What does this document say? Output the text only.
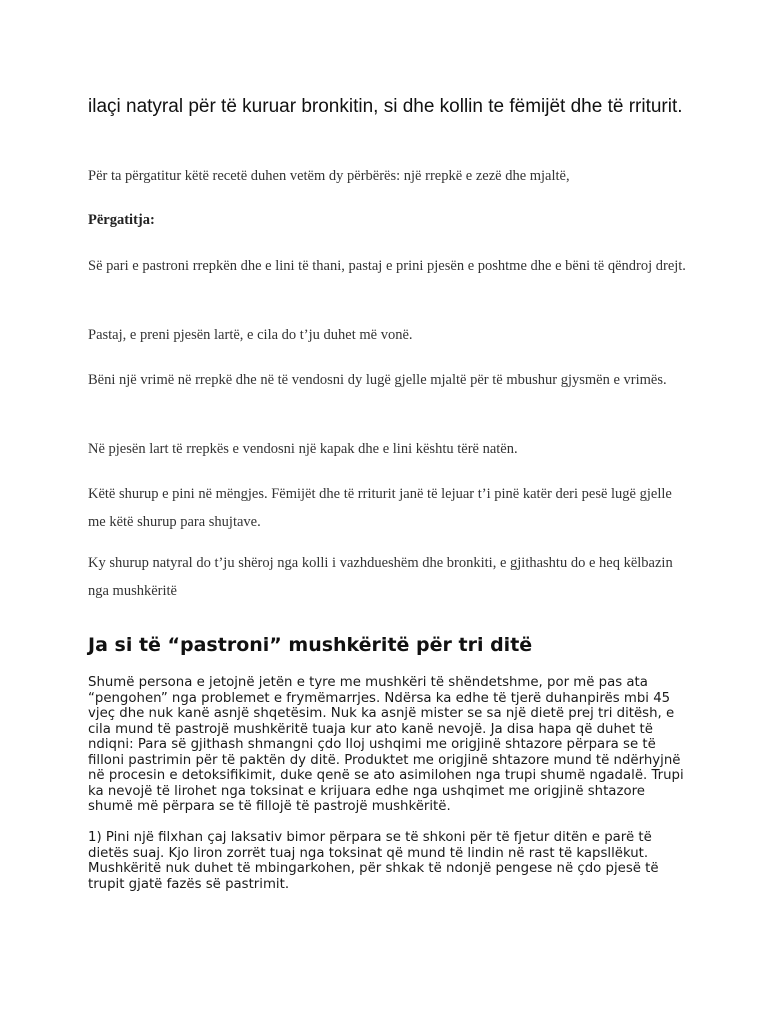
ilaçi natyral për të kuruar bronkitin, si dhe kollin te fëmijët dhe të rriturit.

Për ta përgatitur këtë recetë duhen vetëm dy përbërës: një rrepkë e zezë dhe mjaltë,

Përgatitja:

Së pari e pastroni rrepkën dhe e lini të thani, pastaj e prini pjesën e poshtme dhe e bëni të qëndroj drejt.

Pastaj, e preni pjesën lartë, e cila do t’ju duhet më vonë.

Bëni një vrimë në rrepkë dhe në të vendosni dy lugë gjelle mjaltë për të mbushur gjysmën e vrimës.

Në pjesën lart të rrepkës e vendosni një kapak dhe e lini kështu tërë natën.

Këtë shurup e pini në mëngjes. Fëmijët dhe të rriturit janë të lejuar t’i pinë katër deri pesë lugë gjelle me këtë shurup para shujtave.

Ky shurup natyral do t’ju shëroj nga kolli i vazhdueshëm dhe bronkiti, e gjithashtu do e heq këlbazin nga mushkëritë

Ja si të “pastroni” mushkëritë për tri ditë

Shumë persona e jetojnë jetën e tyre me mushkëri të shëndetshme, por më pas ata “pengohen” nga problemet e frymëmarrjes. Ndërsa ka edhe të tjerë duhanpirës mbi 45 vjeç dhe nuk kanë asnjë shqetësim. Nuk ka asnjë mister se sa një dietë prej tri ditësh, e cila mund të pastrojë mushkëritë tuaja kur ato kanë nevojë. Ja disa hapa që duhet të ndiqni: Para së gjithash shmangni çdo lloj ushqimi me origjinë shtazore përpara se të filloni pastrimin për të paktën dy ditë. Produktet me origjinë shtazore mund të ndërhyjnë në procesin e detoksifikimit, duke qenë se ato asimilohen nga trupi shumë ngadalë. Trupi ka nevojë të lirohet nga toksinat e krijuara edhe nga ushqimet me origjinë shtazore shumë më përpara se të fillojë të pastrojë mushkëritë.

1) Pini një filxhan çaj laksativ bimor përpara se të shkoni për të fjetur ditën e parë të dietës suaj. Kjo liron zorrët tuaj nga toksinat që mund të lindin në rast të kapsllëkut. Mushkëritë nuk duhet të mbingarkohen, për shkak të ndonjë pengese në çdo pjesë të trupit gjatë fazës së pastrimit.
